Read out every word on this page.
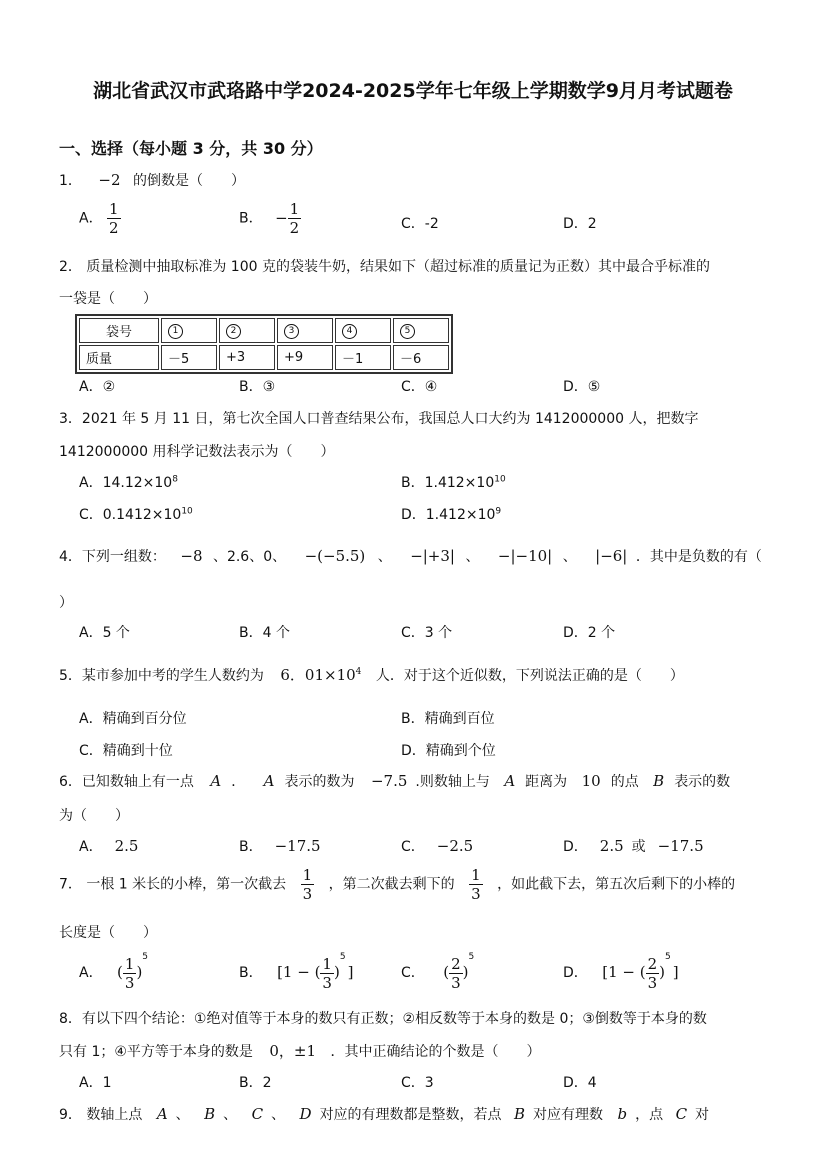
湖北省武汉市武珞路中学2024-2025学年七年级上学期数学9月月考试题卷
一、选择（每小题 3 分，共 30 分）
1． −2 的倒数是（　　）
A． $\frac{1}{2}$	B． − $\frac{1}{2}$	C．-2	D．2
2． 质量检测中抽取标准为 100 克的袋装牛奶，结果如下（超过标准的质量记为正数）其中最合乎标准的
一袋是（　　）
袋号	1	2	3	4	5
质量	－5	+3	+9	－1	－6
A．②	B．③	C．④	D．⑤
3．2021 年 5 月 11 日，第七次全国人口普查结果公布，我国总人口大约为 1412000000 人，把数字
1412000000 用科学记数法表示为（　　）
A．$14.12\times 10^8$	B．$1.412\times 10^{10}$
C．$0.1412\times 10^{10}$	D．$1.412\times 10^9$
4．下列一组数： −8 、2.6、0、 −(−5.5) 、 −|+3| 、 −|−10| 、 |−6| ．其中是负数的有（
）
A．5 个	B．4 个	C．3 个	D．2 个
5．某市参加中考的学生人数约为 6．$01\times 10^4$ 人．对于这个近似数，下列说法正确的是（　　）
A．精确到百分位	B．精确到百位
C．精确到十位	D．精确到个位
6．已知数轴上有一点 A ． A 表示的数为 −7.5 .则数轴上与 A 距离为 10 的点 B 表示的数
为（　　）
A． 2.5	B． −17.5	C． −2.5	D． 2.5 或 −17.5
7． 一根 1 米长的小棒，第一次截去 $\frac{1}{3}$ ，第二次截去剩下的 $\frac{1}{3}$ ，如此截下去，第五次后剩下的小棒的
长度是（　　）
A． ( $\frac{1}{3} )^5$
B． [1 − ( $\frac{1}{3} )^5$]	C． ( $\frac{2}{3} )^5$
D． [1 − ( $\frac{2}{3} )^5$]
8．有以下四个结论：①绝对值等于本身的数只有正数；②相反数等于本身的数是 0；③倒数等于本身的数
只有 1；④平方等于本身的数是 0，±1 ．其中正确结论的个数是（　　）
A．1	B．2	C．3	D．4
9． 数轴上点 A 、 B 、 C 、 D 对应的有理数都是整数，若点 B 对应有理数 b ，点 C 对
